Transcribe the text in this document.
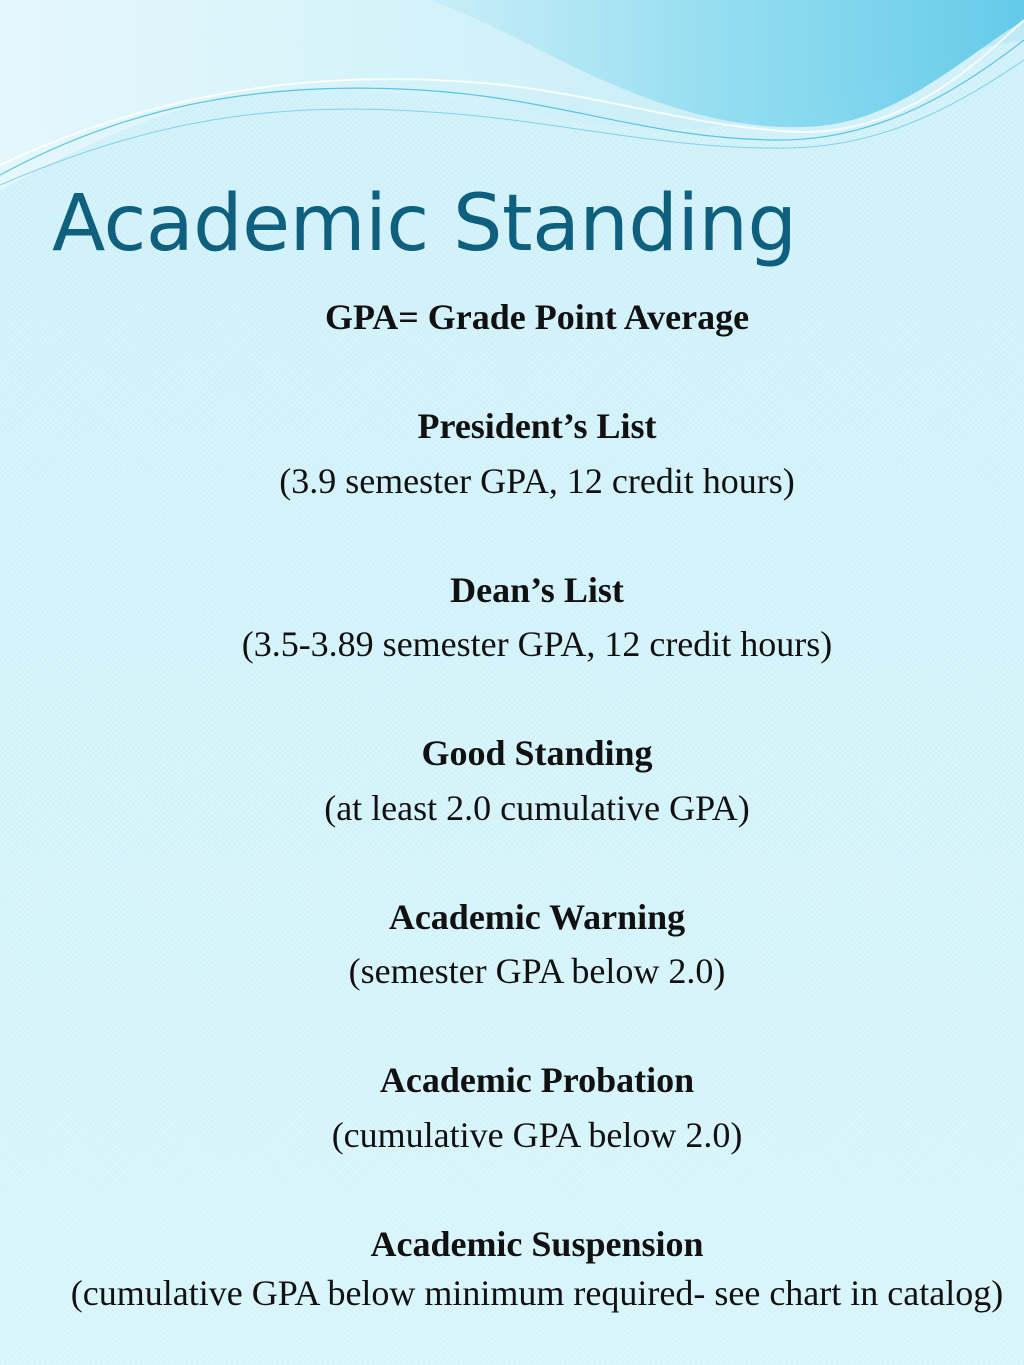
Academic Standing
GPA= Grade Point Average
President’s List
(3.9 semester GPA, 12 credit hours)
Dean’s List
(3.5-3.89 semester GPA, 12 credit hours)
Good Standing
(at least 2.0 cumulative GPA)
Academic Warning
(semester GPA below 2.0)
Academic Probation
(cumulative GPA below 2.0)
Academic Suspension
(cumulative GPA below minimum required- see chart in catalog)
